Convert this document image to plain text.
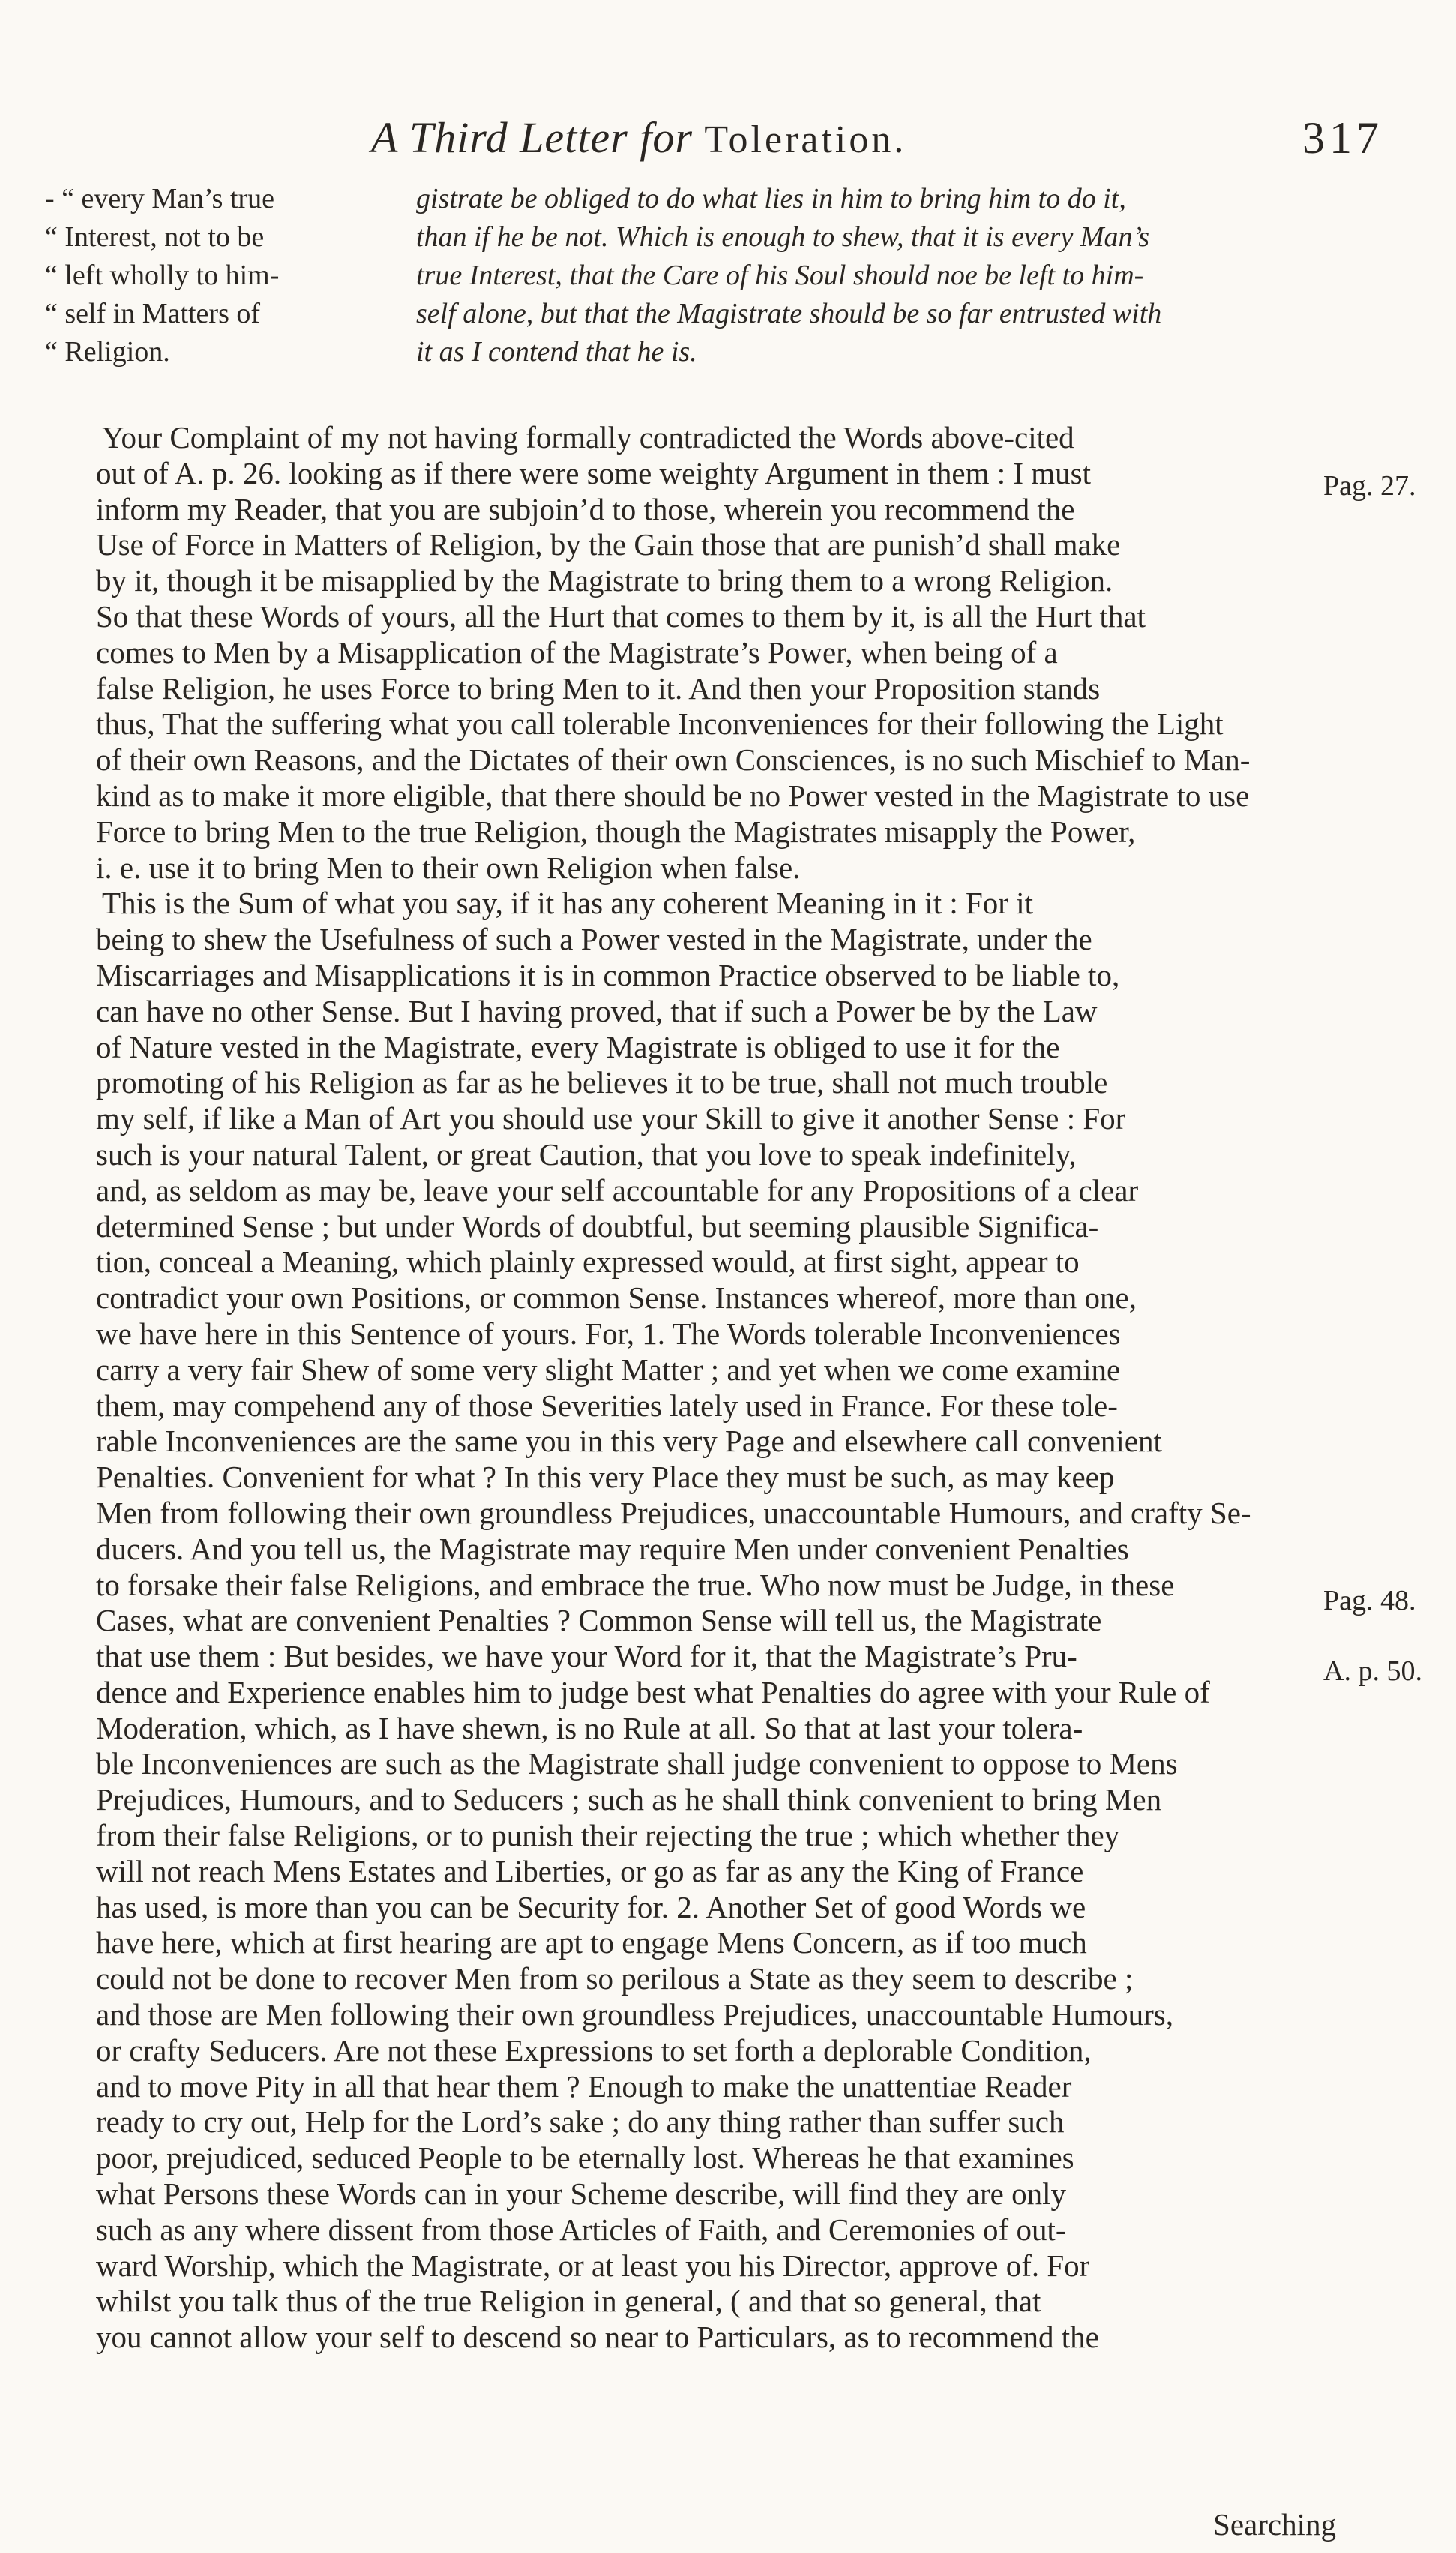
A Third Letter for Toleration.	317
- “ every Man’s true
“ Interest, not to be
“ left wholly to him-
“ self in Matters of
“ Religion.
gistrate be obliged to do what lies in him to bring him to do it,
than if he be not. Which is enough to shew, that it is every Man’s
true Interest, that the Care of his Soul should noe be left to him-
self alone, but that the Magistrate should be so far entrusted with
it as I contend that he is.
Your Complaint of my not having formally contradicted the Words above-cited
out of A. p. 26. looking as if there were some weighty Argument in them : I must
inform my Reader, that you are subjoin’d to those, wherein you recommend the
Use of Force in Matters of Religion, by the Gain those that are punish’d shall make
by it, though it be misapplied by the Magistrate to bring them to a wrong Religion.
So that these Words of yours, all the Hurt that comes to them by it, is all the Hurt that
comes to Men by a Misapplication of the Magistrate’s Power, when being of a
false Religion, he uses Force to bring Men to it. And then your Proposition stands
thus, That the suffering what you call tolerable Inconveniences for their following the Light
of their own Reasons, and the Dictates of their own Consciences, is no such Mischief to Man-
kind as to make it more eligible, that there should be no Power vested in the Magistrate to use
Force to bring Men to the true Religion, though the Magistrates misapply the Power,
i. e. use it to bring Men to their own Religion when false.
This is the Sum of what you say, if it has any coherent Meaning in it : For it
being to shew the Usefulness of such a Power vested in the Magistrate, under the
Miscarriages and Misapplications it is in common Practice observed to be liable to,
can have no other Sense. But I having proved, that if such a Power be by the Law
of Nature vested in the Magistrate, every Magistrate is obliged to use it for the
promoting of his Religion as far as he believes it to be true, shall not much trouble
my self, if like a Man of Art you should use your Skill to give it another Sense : For
such is your natural Talent, or great Caution, that you love to speak indefinitely,
and, as seldom as may be, leave your self accountable for any Propositions of a clear
determined Sense ; but under Words of doubtful, but seeming plausible Significa-
tion, conceal a Meaning, which plainly expressed would, at first sight, appear to
contradict your own Positions, or common Sense. Instances whereof, more than one,
we have here in this Sentence of yours. For, 1. The Words tolerable Inconveniences
carry a very fair Shew of some very slight Matter ; and yet when we come examine
them, may compehend any of those Severities lately used in France. For these tole-
rable Inconveniences are the same you in this very Page and elsewhere call convenient
Penalties. Convenient for what ? In this very Place they must be such, as may keep
Men from following their own groundless Prejudices, unaccountable Humours, and crafty Se-
ducers. And you tell us, the Magistrate may require Men under convenient Penalties
to forsake their false Religions, and embrace the true. Who now must be Judge, in these
Cases, what are convenient Penalties ? Common Sense will tell us, the Magistrate
that use them : But besides, we have your Word for it, that the Magistrate’s Pru-
dence and Experience enables him to judge best what Penalties do agree with your Rule of
Moderation, which, as I have shewn, is no Rule at all. So that at last your tolera-
ble Inconveniences are such as the Magistrate shall judge convenient to oppose to Mens
Prejudices, Humours, and to Seducers ; such as he shall think convenient to bring Men
from their false Religions, or to punish their rejecting the true ; which whether they
will not reach Mens Estates and Liberties, or go as far as any the King of France
has used, is more than you can be Security for. 2. Another Set of good Words we
have here, which at first hearing are apt to engage Mens Concern, as if too much
could not be done to recover Men from so perilous a State as they seem to describe ;
and those are Men following their own groundless Prejudices, unaccountable Humours,
or crafty Seducers. Are not these Expressions to set forth a deplorable Condition,
and to move Pity in all that hear them ? Enough to make the unattentiae Reader
ready to cry out, Help for the Lord’s sake ; do any thing rather than suffer such
poor, prejudiced, seduced People to be eternally lost. Whereas he that examines
what Persons these Words can in your Scheme describe, will find they are only
such as any where dissent from those Articles of Faith, and Ceremonies of out-
ward Worship, which the Magistrate, or at least you his Director, approve of. For
whilst you talk thus of the true Religion in general, ( and that so general, that
you cannot allow your self to descend so near to Particulars, as to recommend the
Pag. 27.
Pag. 48.
A. p. 50.
Searching
